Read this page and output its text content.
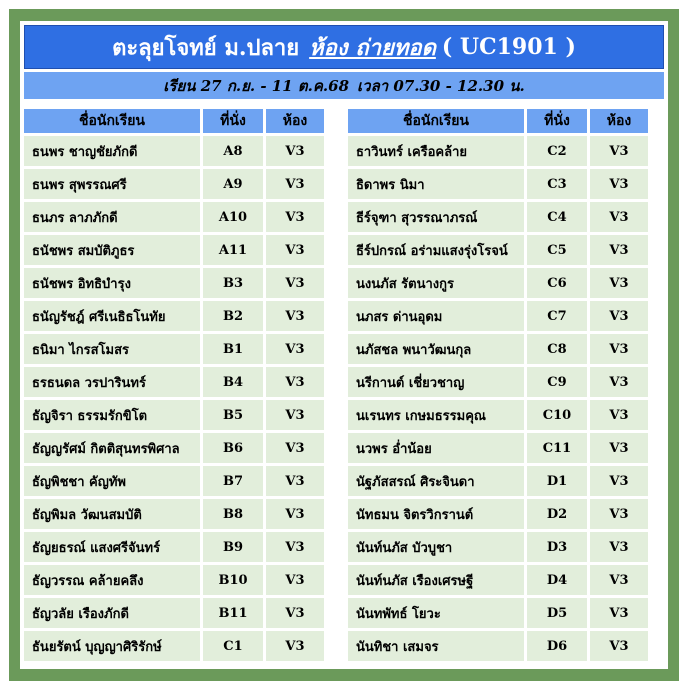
ตะลุยโจทย์ ม.ปลาย ห้อง ถ่ายทอด ( UC1901 )
เรียน 27 ก.ย. - 11 ต.ค.68 เวลา 07.30 - 12.30 น.
ชื่อนักเรียน	ที่นั่ง	ห้อง
ธนพร ชาญชัยภักดี	A8	V3
ธนพร สุพรรณศรี	A9	V3
ธนภร ลาภภักดี	A10	V3
ธนัชพร สมบัติภูธร	A11	V3
ธนัชพร อิทธิบำรุง	B3	V3
ธนัญรัชฎ์ ศรีเนธิธโนทัย	B2	V3
ธนิมา ไกรสโมสร	B1	V3
ธรธนดล วรปารินทร์	B4	V3
ธัญจิรา ธรรมรักขิโต	B5	V3
ธัญญรัศม์ กิตติสุนทรพิศาล	B6	V3
ธัญพิชชา คัญทัพ	B7	V3
ธัญพิมล วัฒนสมบัติ	B8	V3
ธัญยธรณ์ แสงศรีจันทร์	B9	V3
ธัญวรรณ คล้ายคลึง	B10	V3
ธัญวลัย เรืองภักดี	B11	V3
ธันยรัตน์ บุญญาศิริรักษ์	C1	V3
ชื่อนักเรียน	ที่นั่ง	ห้อง
ธาวินทร์ เครือคล้าย	C2	V3
ธิดาพร นิมา	C3	V3
ธีร์จุฑา สุวรรณาภรณ์	C4	V3
ธีร์ปกรณ์ อร่ามแสงรุ่งโรจน์	C5	V3
นงนภัส รัตนางกูร	C6	V3
นภสร ด่านอุดม	C7	V3
นภัสชล พนาวัฒนกุล	C8	V3
นรีกานต์ เชี่ยวชาญ	C9	V3
นเรนทร เกษมธรรมคุณ	C10	V3
นวพร อ่ำน้อย	C11	V3
นัฐภัสสรณ์ ศิระจินดา	D1	V3
นัทธมน จิตรวิกรานต์	D2	V3
นันท์นภัส บัวบูชา	D3	V3
นันท์นภัส เรืองเศรษฐี	D4	V3
นันทพัทธ์ โยวะ	D5	V3
นันทิชา เสมจร	D6	V3
